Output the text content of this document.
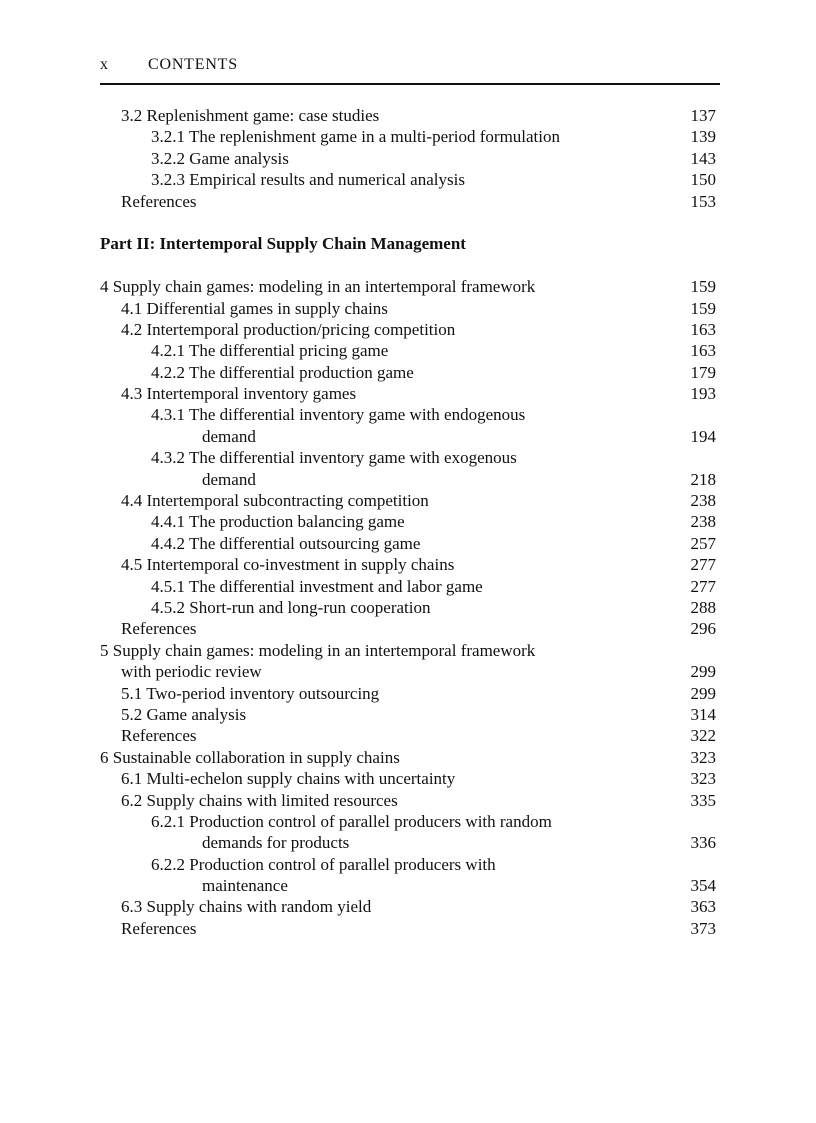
x CONTENTS
3.2 Replenishment game: case studies	137
3.2.1 The replenishment game in a multi-period formulation	139
3.2.2 Game analysis	143
3.2.3 Empirical results and numerical analysis	150
References	153
Part II: Intertemporal Supply Chain Management
4 Supply chain games: modeling in an intertemporal framework	159
4.1 Differential games in supply chains	159
4.2 Intertemporal production/pricing competition	163
4.2.1 The differential pricing game	163
4.2.2 The differential production game	179
4.3 Intertemporal inventory games	193
4.3.1 The differential inventory game with endogenous
demand	194
4.3.2 The differential inventory game with exogenous
demand	218
4.4 Intertemporal subcontracting competition	238
4.4.1 The production balancing game	238
4.4.2 The differential outsourcing game	257
4.5 Intertemporal co-investment in supply chains	277
4.5.1 The differential investment and labor game	277
4.5.2 Short-run and long-run cooperation	288
References	296
5 Supply chain games: modeling in an intertemporal framework
with periodic review	299
5.1 Two-period inventory outsourcing	299
5.2 Game analysis	314
References	322
6 Sustainable collaboration in supply chains	323
6.1 Multi-echelon supply chains with uncertainty	323
6.2 Supply chains with limited resources	335
6.2.1 Production control of parallel producers with random
demands for products	336
6.2.2 Production control of parallel producers with
maintenance	354
6.3 Supply chains with random yield	363
References	373
